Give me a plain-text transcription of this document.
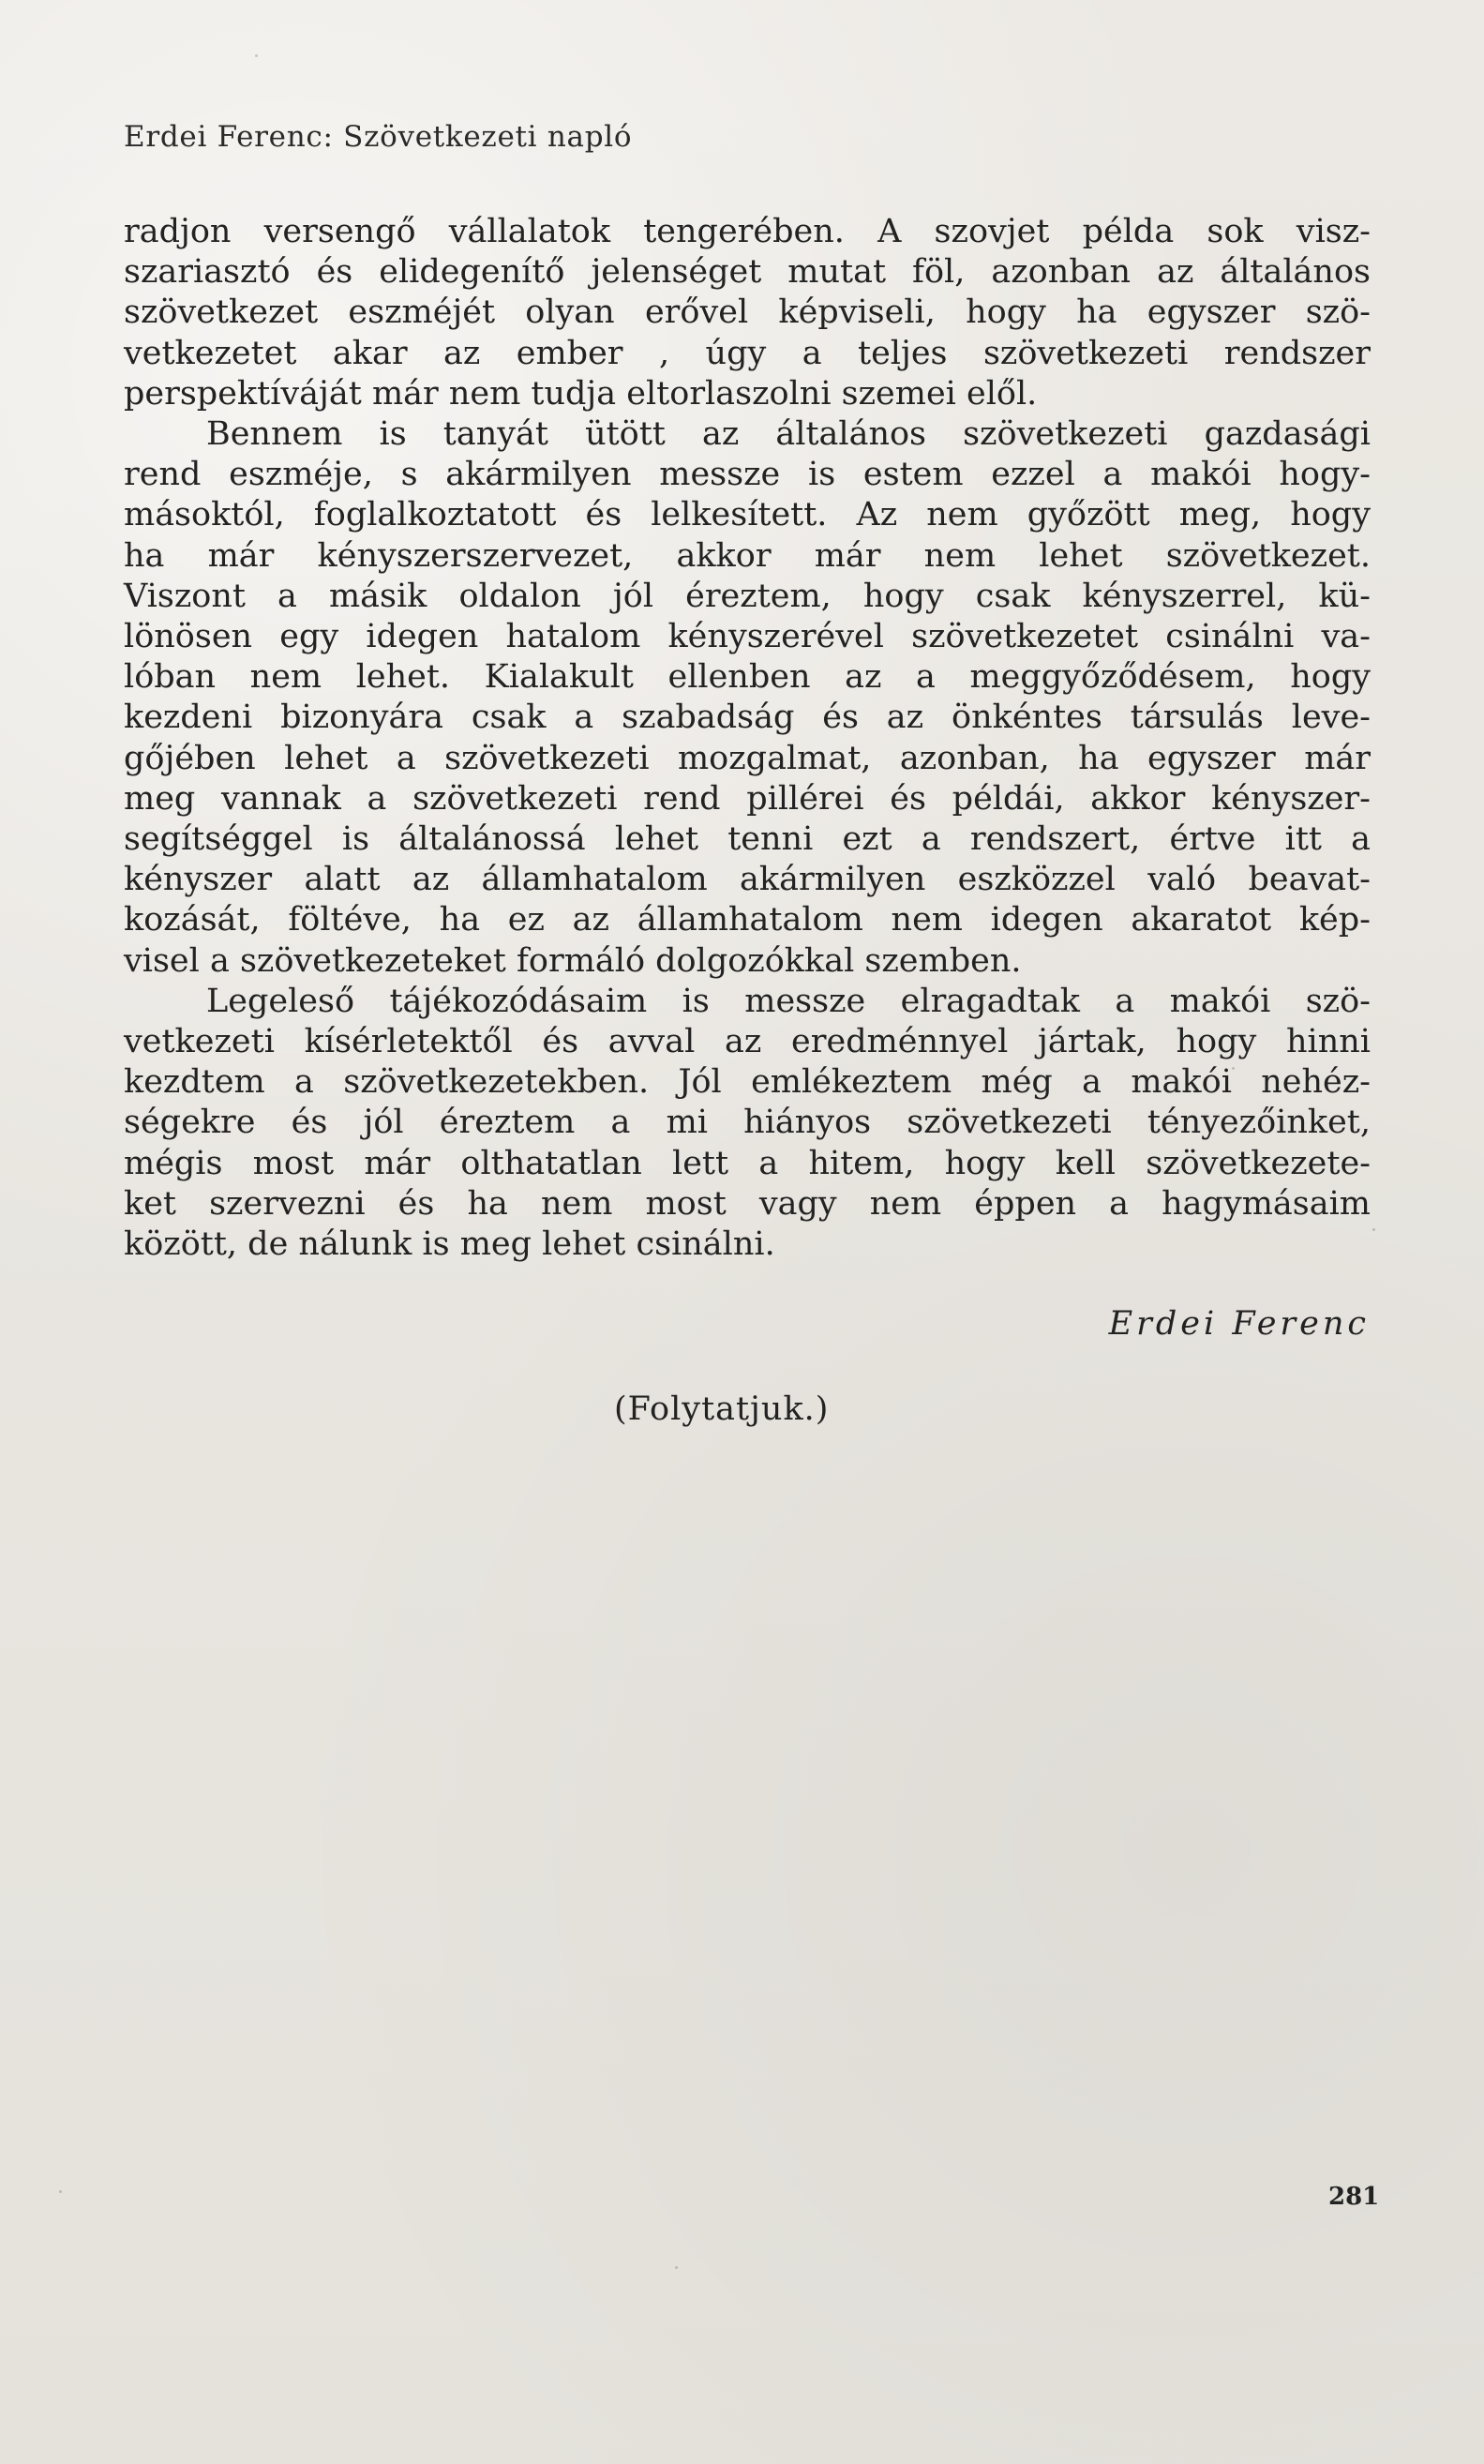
Erdei Ferenc: Szövetkezeti napló
radjon versengő vállalatok tengerében. A szovjet példa sok visz-
szariasztó és elidegenítő jelenséget mutat föl, azonban az általános
szövetkezet eszméjét olyan erővel képviseli, hogy ha egyszer szö-
vetkezetet akar az ember , úgy a teljes szövetkezeti rendszer
perspektíváját már nem tudja eltorlaszolni szemei elől.
Bennem is tanyát ütött az általános szövetkezeti gazdasági
rend eszméje, s akármilyen messze is estem ezzel a makói hogy-
másoktól, foglalkoztatott és lelkesített. Az nem győzött meg, hogy
ha már kényszerszervezet, akkor már nem lehet szövetkezet.
Viszont a másik oldalon jól éreztem, hogy csak kényszerrel, kü-
lönösen egy idegen hatalom kényszerével szövetkezetet csinálni va-
lóban nem lehet. Kialakult ellenben az a meggyőződésem, hogy
kezdeni bizonyára csak a szabadság és az önkéntes társulás leve-
gőjében lehet a szövetkezeti mozgalmat, azonban, ha egyszer már
meg vannak a szövetkezeti rend pillérei és példái, akkor kényszer-
segítséggel is általánossá lehet tenni ezt a rendszert, értve itt a
kényszer alatt az államhatalom akármilyen eszközzel való beavat-
kozását, föltéve, ha ez az államhatalom nem idegen akaratot kép-
visel a szövetkezeteket formáló dolgozókkal szemben.
Legeleső tájékozódásaim is messze elragadtak a makói szö-
vetkezeti kísérletektől és avval az eredménnyel jártak, hogy hinni
kezdtem a szövetkezetekben. Jól emlékeztem még a makói nehéz-
ségekre és jól éreztem a mi hiányos szövetkezeti tényezőinket,
mégis most már olthatatlan lett a hitem, hogy kell szövetkezete-
ket szervezni és ha nem most vagy nem éppen a hagymásaim
között, de nálunk is meg lehet csinálni.
Erdei Ferenc
(Folytatjuk.)
281
